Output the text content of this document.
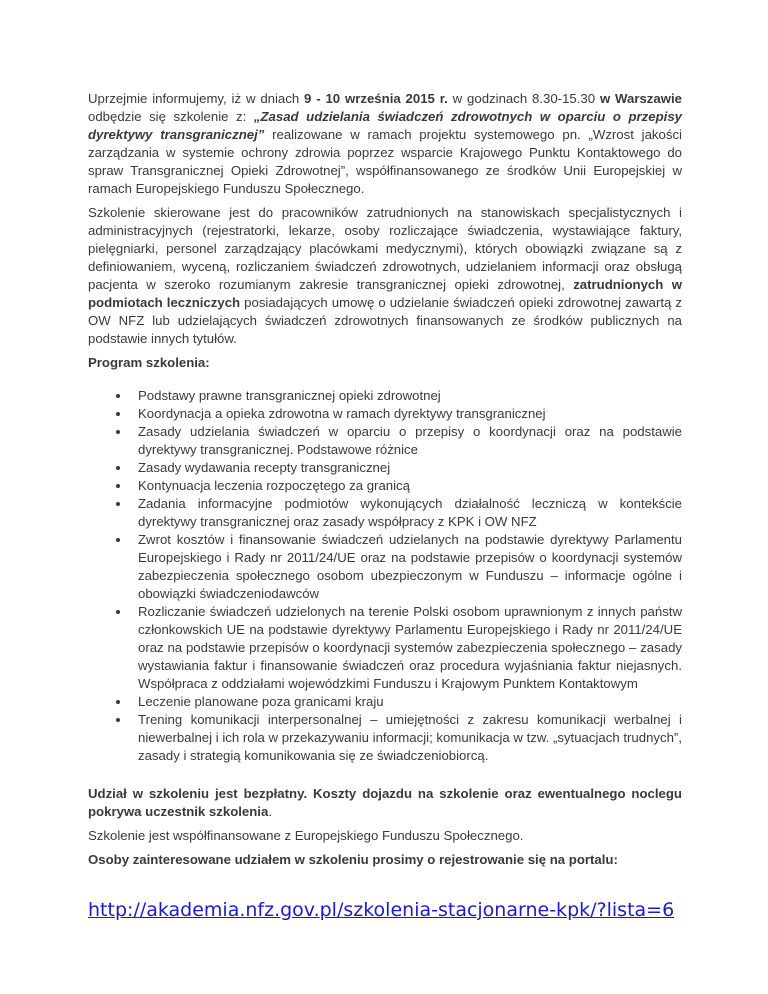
Uprzejmie informujemy, iż w dniach 9 - 10 września 2015 r. w godzinach 8.30-15.30 w Warszawie odbędzie się szkolenie z: „Zasad udzielania świadczeń zdrowotnych w oparciu o przepisy dyrektywy transgranicznej” realizowane w ramach projektu systemowego pn. „Wzrost jakości zarządzania w systemie ochrony zdrowia poprzez wsparcie Krajowego Punktu Kontaktowego do spraw Transgranicznej Opieki Zdrowotnej”, współfinansowanego ze środków Unii Europejskiej w ramach Europejskiego Funduszu Społecznego.

Szkolenie skierowane jest do pracowników zatrudnionych na stanowiskach specjalistycznych i administracyjnych (rejestratorki, lekarze, osoby rozliczające świadczenia, wystawiające faktury, pielęgniarki, personel zarządzający placówkami medycznymi), których obowiązki związane są z definiowaniem, wyceną, rozliczaniem świadczeń zdrowotnych, udzielaniem informacji oraz obsługą pacjenta w szeroko rozumianym zakresie transgranicznej opieki zdrowotnej, zatrudnionych w podmiotach leczniczych posiadających umowę o udzielanie świadczeń opieki zdrowotnej zawartą z OW NFZ lub udzielających świadczeń zdrowotnych finansowanych ze środków publicznych na podstawie innych tytułów.

Program szkolenia:

Podstawy prawne transgranicznej opieki zdrowotnej
Koordynacja a opieka zdrowotna w ramach dyrektywy transgranicznej
Zasady udzielania świadczeń w oparciu o przepisy o koordynacji oraz na podstawie dyrektywy transgranicznej. Podstawowe różnice
Zasady wydawania recepty transgranicznej
Kontynuacja leczenia rozpoczętego za granicą
Zadania informacyjne podmiotów wykonujących działalność leczniczą w kontekście dyrektywy transgranicznej oraz zasady współpracy z KPK i OW NFZ
Zwrot kosztów i finansowanie świadczeń udzielanych na podstawie dyrektywy Parlamentu Europejskiego i Rady nr 2011/24/UE oraz na podstawie przepisów o koordynacji systemów zabezpieczenia społecznego osobom ubezpieczonym w Funduszu – informacje ogólne i obowiązki świadczeniodawców
Rozliczanie świadczeń udzielonych na terenie Polski osobom uprawnionym z innych państw członkowskich UE na podstawie dyrektywy Parlamentu Europejskiego i Rady nr 2011/24/UE oraz na podstawie przepisów o koordynacji systemów zabezpieczenia społecznego – zasady wystawiania faktur i finansowanie świadczeń oraz procedura wyjaśniania faktur niejasnych. Współpraca z oddziałami wojewódzkimi Funduszu i Krajowym Punktem Kontaktowym
Leczenie planowane poza granicami kraju
Trening komunikacji interpersonalnej – umiejętności z zakresu komunikacji werbalnej i niewerbalnej i ich rola w przekazywaniu informacji; komunikacja w tzw. „sytuacjach trudnych”, zasady i strategią komunikowania się ze świadczeniobiorcą.

Udział w szkoleniu jest bezpłatny. Koszty dojazdu na szkolenie oraz ewentualnego noclegu pokrywa uczestnik szkolenia.

Szkolenie jest współfinansowane z Europejskiego Funduszu Społecznego.

Osoby zainteresowane udziałem w szkoleniu prosimy o rejestrowanie się na portalu:

http://akademia.nfz.gov.pl/szkolenia-stacjonarne-kpk/?lista=6
